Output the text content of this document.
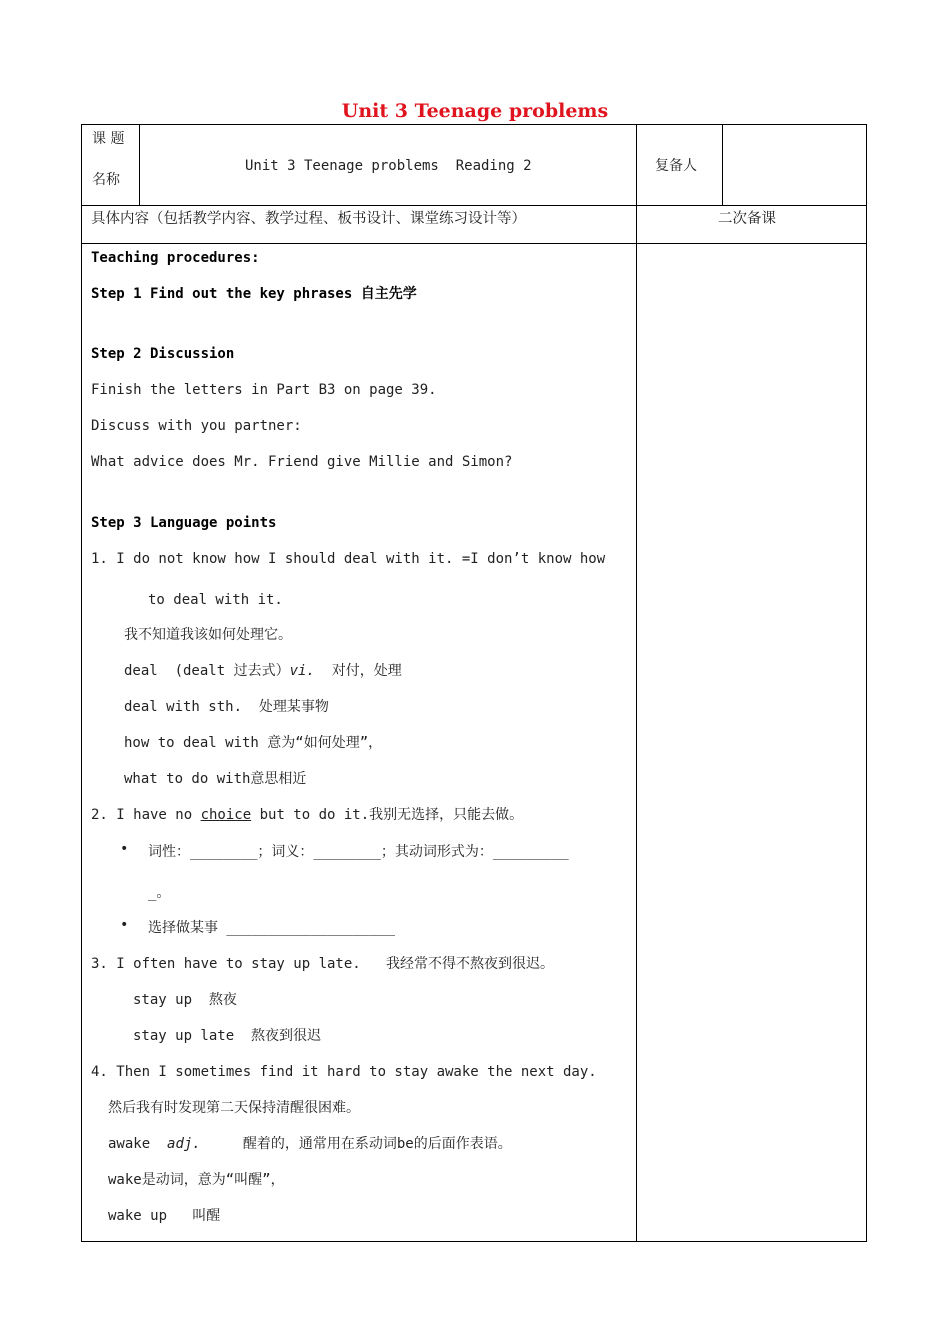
Unit 3 Teenage problems
课 题
名称
Unit 3 Teenage problems  Reading 2	复备人
具体内容（包括教学内容、教学过程、板书设计、课堂练习设计等）	二次备课
Teaching procedures:
Step 1 Find out the key phrases 自主先学
Step 2 Discussion
Finish the letters in Part B3 on page 39.
Discuss with you partner:
What advice does Mr. Friend give Millie and Simon?
Step 3 Language points
1. I do not know how I should deal with it. =I don’t know how
to deal with it.
我不知道我该如何处理它。
deal  (dealt 过去式）vi.  对付，处理
deal with sth.  处理某事物
how to deal with 意为“如何处理”，
what to do with意思相近
2. I have no choice but to do it.我别无选择，只能去做。
• 词性：________；词义：________；其动词形式为：_________
_。
• 选择做某事 ____________________
3. I often have to stay up late.   我经常不得不熬夜到很迟。
stay up  熬夜
stay up late  熬夜到很迟
4. Then I sometimes find it hard to stay awake the next day.
然后我有时发现第二天保持清醒很困难。
awake  adj.     醒着的，通常用在系动词be的后面作表语。
wake是动词，意为“叫醒”，
wake up   叫醒
